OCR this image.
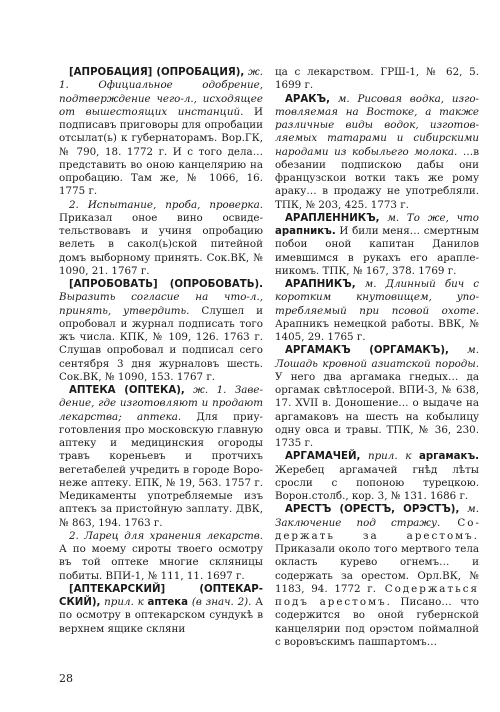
[АПРОБАЦИЯ] (ОПРОБАЦИЯ), ж. 1. Официальное одобрение, подтверждение чего-л., исходящее от вышестоящих инстанций. И подписавъ приговоры для опробации отсылат(ь) к губернаторамъ. Вор.ГК, № 790, 18. 1772 г. И с того дела… представить во оною канцелярию на опробацию. Там же, № 1066, 16. 1775 г.

2. Испытание, проба, проверка. Приказал оное вино освидетельствовавъ и учиня опробацию велеть в сакол(ь)ской питейной домъ выборному принять. Сок.ВК, № 1090, 21. 1767 г.

[АПРОБОВАТЬ] (ОПРОБОВАТЬ). Выразить согласие на что-л., принять, утвердить. Слушел и опробовал и журнал подписать того жъ числа. КПК, № 109, 126. 1763 г. Слушав опробовал и подписал сего сентября 3 дня журналовъ шесть. Сок.ВК, № 1090, 153. 1767 г.

АПТЕКА (ОПТЕКА), ж. 1. Заведение, где изготовляют и продают лекарства; аптека. Для приуготовления про московскую главную аптеку и медицинския огороды травъ кореньевъ и протчихъ вегетабелей учредить в городе Воронеже аптеку. ЕПК, № 19, 563. 1757 г. Медикаменты употребляемые изъ аптекъ за пристойную заплату. ДВК, № 863, 194. 1763 г.

2. Ларец для хранения лекарств. А по моему сироты твоего осмотру въ той оптеке многие скляницы побиты. ВПИ-1, № 111, 11. 1697 г.

[АПТЕКАРСКИЙ] (ОПТЕКАРСКИЙ), прил. к аптека (в знач. 2). А по осмотру в оптекарском сундукѣ в верхнем ящике скляни

ца с лекарством. ГРШ-1, № 62, 5. 1699 г.

АРАКЪ, м. Рисовая водка, изготовляемая на Востоке, а также различные виды водок, изготовляемых татарами и сибирскими народами из кобыльего молока. …в обезании подпискою дабы они французскои вотки такъ же рому араку… в продажу не употребляли. ТПК, № 203, 425. 1773 г.

АРАПЛЕННИКЪ, м. То же, что арапникъ. И били меня… смертным побои оной капитан Данилов имевшимся в рукахъ его арапленикомъ. ТПК, № 167, 378. 1769 г.

АРАПНИКЪ, м. Длинный бич с коротким кнутовищем, употребляемый при псовой охоте. Арапникъ немецкой работы. ВВК, № 1405, 29. 1765 г.

АРГАМАКЪ (ОРГАМАКЪ), м. Лошадь кровной азиатской породы. У него два аргамака гнедых… да оргамак свѣтлосерой. ВПИ-3, № 638, 17. XVII в. Доношение… о выдаче на аргамаковъ на шесть на кобылицу одну овса и травы. ТПК, № 36, 230. 1735 г.

АРГАМАЧЕЙ, прил. к аргамакъ. Жеребец аргамачей гнѣд лѣты сросли с попоною турецкою. Ворон.столб., кор. 3, № 131. 1686 г.

АРЕСТЪ (ОРЕСТЪ, ОРЭСТЪ), м. Заключение под стражу. Содержать за арестомъ. Приказали около того мертвого тела окласть курево огнемъ… и содержать за орестом. Орл.ВК, № 1183, 94. 1772 г. Содержаться подъ арестомъ. Писано… что содержится во оной губернской канцелярии под орэстом поймалной с воровъскимъ пашпартомъ…

28
